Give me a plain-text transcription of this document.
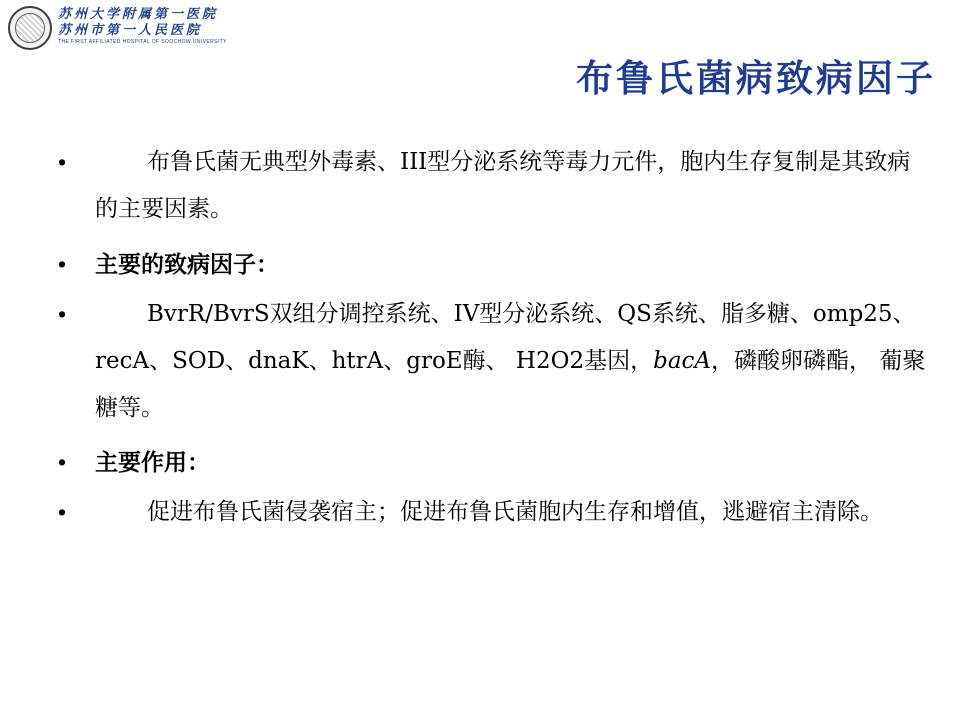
苏州大学附属第一医院
苏州市第一人民医院
THE FIRST AFFILIATED HOSPITAL OF SOOCHOW UNIVERSITY
布鲁氏菌病致病因子
•	布鲁氏菌无典型外毒素、III型分泌系统等毒力元件，胞内生存复制是其致病的主要因素。
• 主要的致病因子：
•	BvrR/BvrS双组分调控系统、IV型分泌系统、QS系统、脂多糖、omp25、recA、SOD、dnaK、htrA、groE酶、 H2O2基因，bacA，磷酸卵磷酯， 葡聚糖等。
• 主要作用：
•	促进布鲁氏菌侵袭宿主；促进布鲁氏菌胞内生存和增值，逃避宿主清除。
